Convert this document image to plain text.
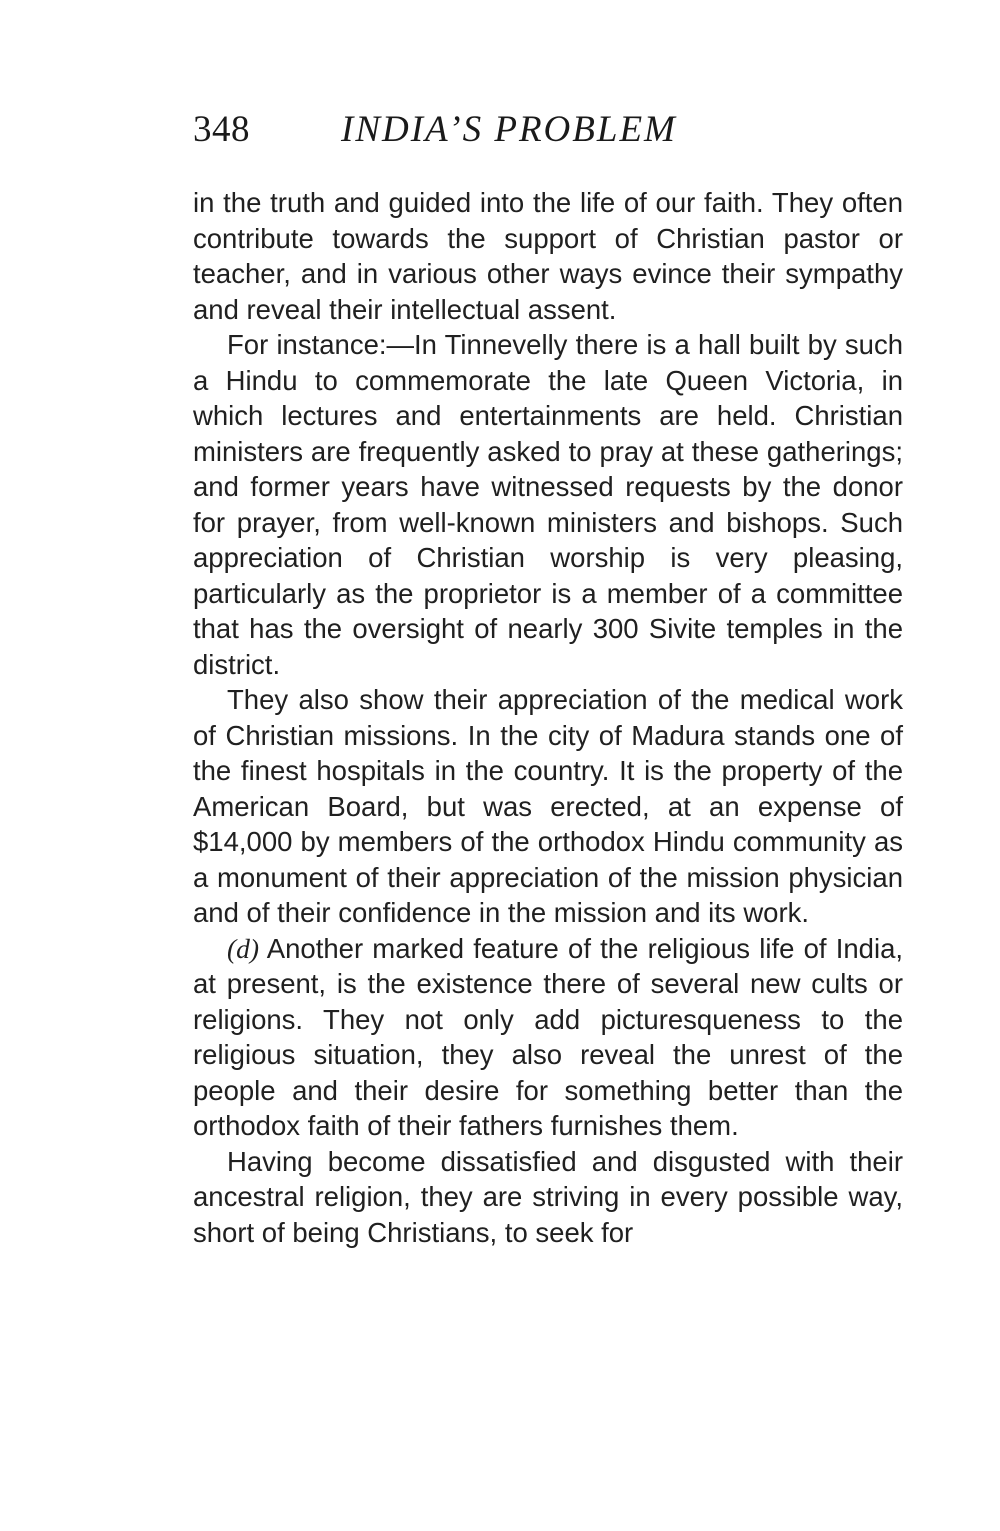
348 INDIA’S PROBLEM

in the truth and guided into the life of our faith. They often contribute towards the support of Christian pastor or teacher, and in various other ways evince their sympathy and reveal their intellectual assent.

For instance:—In Tinnevelly there is a hall built by such a Hindu to commemorate the late Queen Victoria, in which lectures and entertainments are held. Christian ministers are frequently asked to pray at these gatherings; and former years have witnessed requests by the donor for prayer, from well-known ministers and bishops. Such appreciation of Christian worship is very pleasing, particularly as the proprietor is a member of a committee that has the oversight of nearly 300 Sivite temples in the district.

They also show their appreciation of the medical work of Christian missions. In the city of Madura stands one of the finest hospitals in the country. It is the property of the American Board, but was erected, at an expense of $14,000 by members of the orthodox Hindu community as a monument of their appreciation of the mission physician and of their confidence in the mission and its work.

(d) Another marked feature of the religious life of India, at present, is the existence there of several new cults or religions. They not only add picturesqueness to the religious situation, they also reveal the unrest of the people and their desire for something better than the orthodox faith of their fathers furnishes them.

Having become dissatisfied and disgusted with their ancestral religion, they are striving in every possible way, short of being Christians, to seek for
